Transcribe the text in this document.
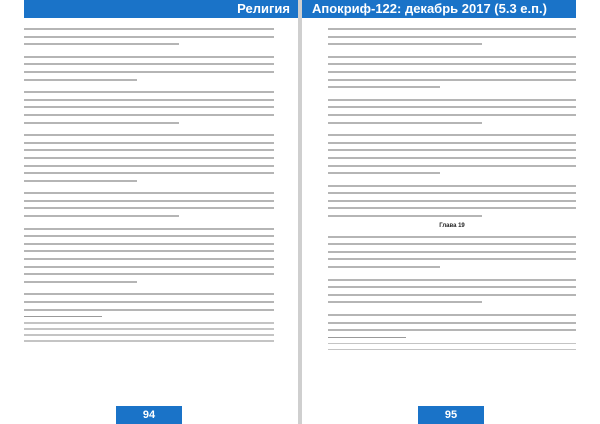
Религия
94
Апокриф-122: декабрь 2017 (5.3 е.п.)
Глава 19
95
